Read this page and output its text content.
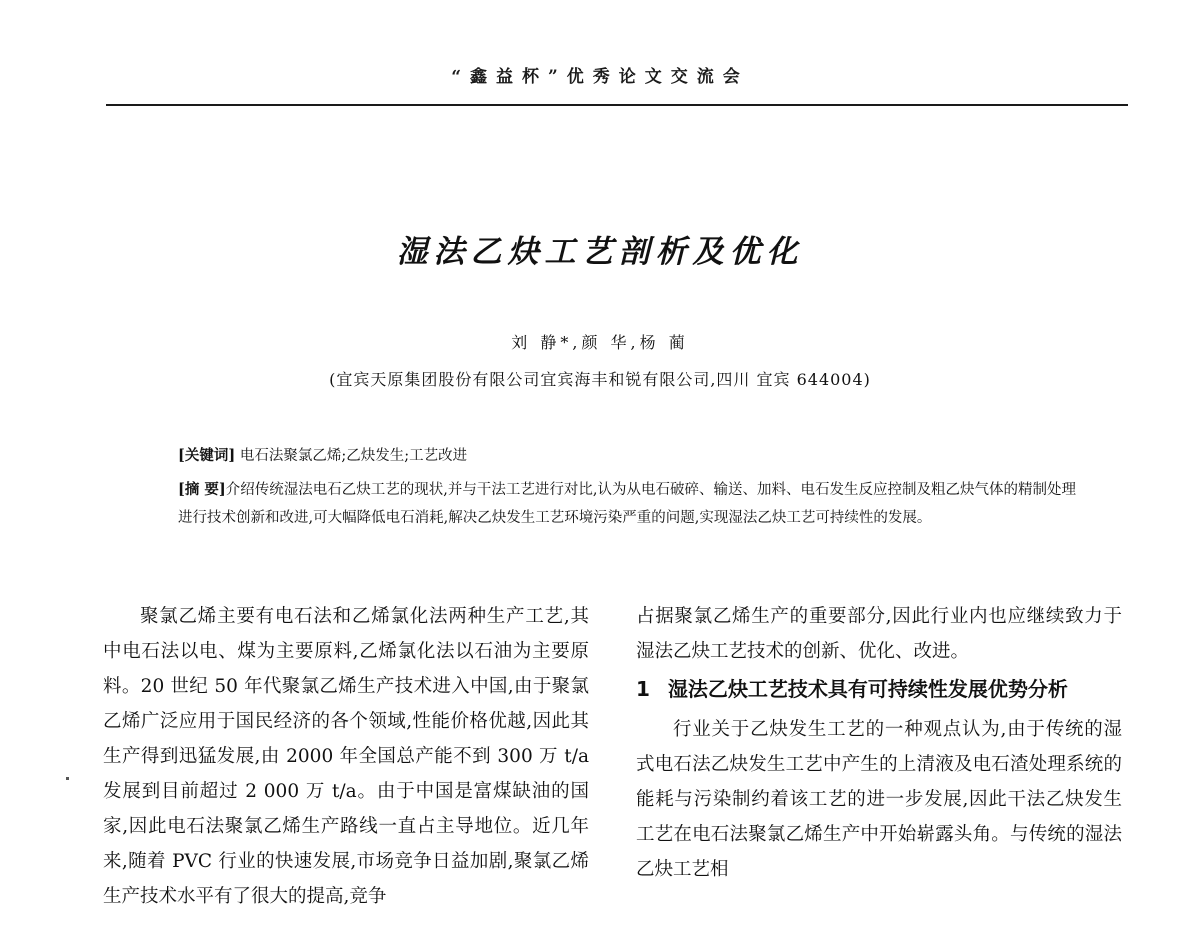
“鑫益杯”优秀论文交流会
湿法乙炔工艺剖析及优化
刘 静*,颜 华,杨 蔺
(宜宾天原集团股份有限公司宜宾海丰和锐有限公司,四川 宜宾 644004)
[关键词] 电石法聚氯乙烯;乙炔发生;工艺改进
[摘 要]介绍传统湿法电石乙炔工艺的现状,并与干法工艺进行对比,认为从电石破碎、输送、加料、电石发生反应控制及粗乙炔气体的精制处理进行技术创新和改进,可大幅降低电石消耗,解决乙炔发生工艺环境污染严重的问题,实现湿法乙炔工艺可持续性的发展。

聚氯乙烯主要有电石法和乙烯氯化法两种生产工艺,其中电石法以电、煤为主要原料,乙烯氯化法以石油为主要原料。20 世纪 50 年代聚氯乙烯生产技术进入中国,由于聚氯乙烯广泛应用于国民经济的各个领域,性能价格优越,因此其生产得到迅猛发展,由 2000 年全国总产能不到 300 万 t/a 发展到目前超过 2 000 万 t/a。由于中国是富煤缺油的国家,因此电石法聚氯乙烯生产路线一直占主导地位。近几年来,随着 PVC 行业的快速发展,市场竞争日益加剧,聚氯乙烯生产技术水平有了很大的提高,竞争

占据聚氯乙烯生产的重要部分,因此行业内也应继续致力于湿法乙炔工艺技术的创新、优化、改进。

1 湿法乙炔工艺技术具有可持续性发展优势分析

行业关于乙炔发生工艺的一种观点认为,由于传统的湿式电石法乙炔发生工艺中产生的上清液及电石渣处理系统的能耗与污染制约着该工艺的进一步发展,因此干法乙炔发生工艺在电石法聚氯乙烯生产中开始崭露头角。与传统的湿法乙炔工艺相
